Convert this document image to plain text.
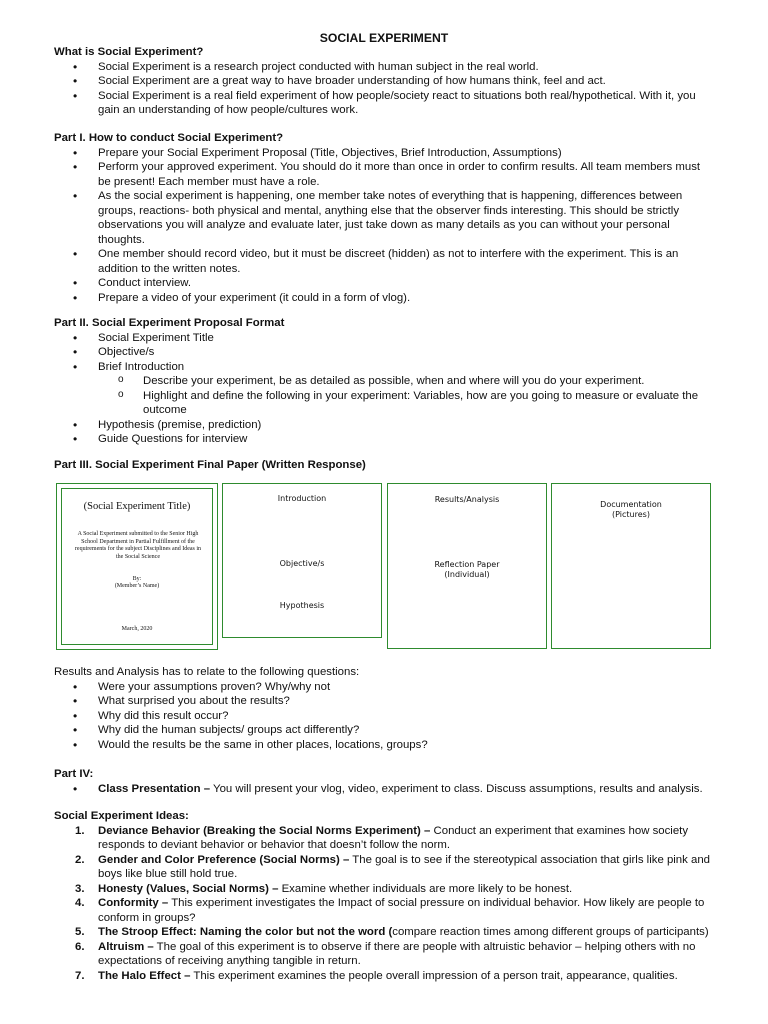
SOCIAL EXPERIMENT

What is Social Experiment?

• Social Experiment is a research project conducted with human subject in the real world.
• Social Experiment are a great way to have broader understanding of how humans think, feel and act.
• Social Experiment is a real field experiment of how people/society react to situations both real/hypothetical. With it, you gain an understanding of how people/cultures work.

Part I. How to conduct Social Experiment?

• Prepare your Social Experiment Proposal (Title, Objectives, Brief Introduction, Assumptions)
• Perform your approved experiment. You should do it more than once in order to confirm results. All team members must be present! Each member must have a role.
• As the social experiment is happening, one member take notes of everything that is happening, differences between groups, reactions- both physical and mental, anything else that the observer finds interesting. This should be strictly observations you will analyze and evaluate later, just take down as many details as you can without your personal thoughts.
• One member should record video, but it must be discreet (hidden) as not to interfere with the experiment. This is an addition to the written notes.
• Conduct interview.
• Prepare a video of your experiment (it could in a form of vlog).

Part II. Social Experiment Proposal Format

• Social Experiment Title
• Objective/s
• Brief Introduction
o Describe your experiment, be as detailed as possible, when and where will you do your experiment.
o Highlight and define the following in your experiment: Variables, how are you going to measure or evaluate the outcome
• Hypothesis (premise, prediction)
• Guide Questions for interview

Part III. Social Experiment Final Paper (Written Response)

(Social Experiment Title)
A Social Experiment submitted to the Senior High School Department in Partial Fulfillment of the requirements for the subject Disciplines and Ideas in the Social Science
By:
(Member’s Name)
March, 2020
Introduction
Objective/s
Hypothesis
Results/Analysis
Reflection Paper
(Individual)
Documentation
(Pictures)

Results and Analysis has to relate to the following questions:

• Were your assumptions proven? Why/why not
• What surprised you about the results?
• Why did this result occur?
• Why did the human subjects/ groups act differently?
• Would the results be the same in other places, locations, groups?

Part IV:

• Class Presentation – You will present your vlog, video, experiment to class. Discuss assumptions, results and analysis.

Social Experiment Ideas:

1. Deviance Behavior (Breaking the Social Norms Experiment) – Conduct an experiment that examines how society responds to deviant behavior or behavior that doesn’t follow the norm.
2. Gender and Color Preference (Social Norms) – The goal is to see if the stereotypical association that girls like pink and boys like blue still hold true.
3. Honesty (Values, Social Norms) – Examine whether individuals are more likely to be honest.
4. Conformity – This experiment investigates the Impact of social pressure on individual behavior. How likely are people to conform in groups?
5. The Stroop Effect: Naming the color but not the word (compare reaction times among different groups of participants)
6. Altruism – The goal of this experiment is to observe if there are people with altruistic behavior – helping others with no expectations of receiving anything tangible in return.
7. The Halo Effect – This experiment examines the people overall impression of a person trait, appearance, qualities.
